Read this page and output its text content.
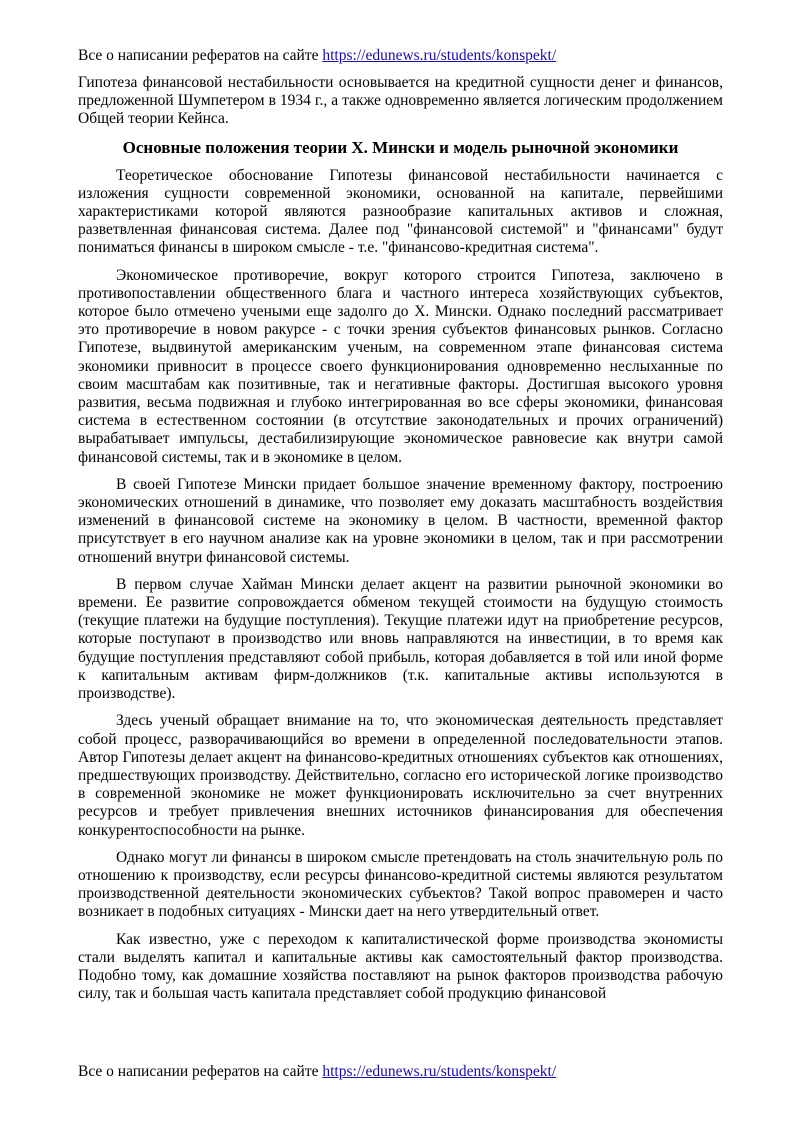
Все о написании рефератов на сайте https://edunews.ru/students/konspekt/

Гипотеза финансовой нестабильности основывается на кредитной сущности денег и финансов, предложенной Шумпетером в 1934 г., а также одновременно является логическим продолжением Общей теории Кейнса.

Основные положения теории Х. Мински и модель рыночной экономики

Теоретическое обоснование Гипотезы финансовой нестабильности начинается с изложения сущности современной экономики, основанной на капитале, первейшими характеристиками которой являются разнообразие капитальных активов и сложная, разветвленная финансовая система. Далее под "финансовой системой" и "финансами" будут пониматься финансы в широком смысле - т.е. "финансово-кредитная система".

Экономическое противоречие, вокруг которого строится Гипотеза, заключено в противопоставлении общественного блага и частного интереса хозяйствующих субъектов, которое было отмечено учеными еще задолго до Х. Мински. Однако последний рассматривает это противоречие в новом ракурсе - с точки зрения субъектов финансовых рынков. Согласно Гипотезе, выдвинутой американским ученым, на современном этапе финансовая система экономики привносит в процессе своего функционирования одновременно неслыханные по своим масштабам как позитивные, так и негативные факторы. Достигшая высокого уровня развития, весьма подвижная и глубоко интегрированная во все сферы экономики, финансовая система в естественном состоянии (в отсутствие законодательных и прочих ограничений) вырабатывает импульсы, дестабилизирующие экономическое равновесие как внутри самой финансовой системы, так и в экономике в целом.

В своей Гипотезе Мински придает большое значение временному фактору, построению экономических отношений в динамике, что позволяет ему доказать масштабность воздействия изменений в финансовой системе на экономику в целом. В частности, временной фактор присутствует в его научном анализе как на уровне экономики в целом, так и при рассмотрении отношений внутри финансовой системы.

В первом случае Хайман Мински делает акцент на развитии рыночной экономики во времени. Ее развитие сопровождается обменом текущей стоимости на будущую стоимость (текущие платежи на будущие поступления). Текущие платежи идут на приобретение ресурсов, которые поступают в производство или вновь направляются на инвестиции, в то время как будущие поступления представляют собой прибыль, которая добавляется в той или иной форме к капитальным активам фирм-должников (т.к. капитальные активы используются в производстве).

Здесь ученый обращает внимание на то, что экономическая деятельность представляет собой процесс, разворачивающийся во времени в определенной последовательности этапов. Автор Гипотезы делает акцент на финансово-кредитных отношениях субъектов как отношениях, предшествующих производству. Действительно, согласно его исторической логике производство в современной экономике не может функционировать исключительно за счет внутренних ресурсов и требует привлечения внешних источников финансирования для обеспечения конкурентоспособности на рынке.

Однако могут ли финансы в широком смысле претендовать на столь значительную роль по отношению к производству, если ресурсы финансово-кредитной системы являются результатом производственной деятельности экономических субъектов? Такой вопрос правомерен и часто возникает в подобных ситуациях - Мински дает на него утвердительный ответ.

Как известно, уже с переходом к капиталистической форме производства экономисты стали выделять капитал и капитальные активы как самостоятельный фактор производства. Подобно тому, как домашние хозяйства поставляют на рынок факторов производства рабочую силу, так и большая часть капитала представляет собой продукцию финансовой

Все о написании рефератов на сайте https://edunews.ru/students/konspekt/
